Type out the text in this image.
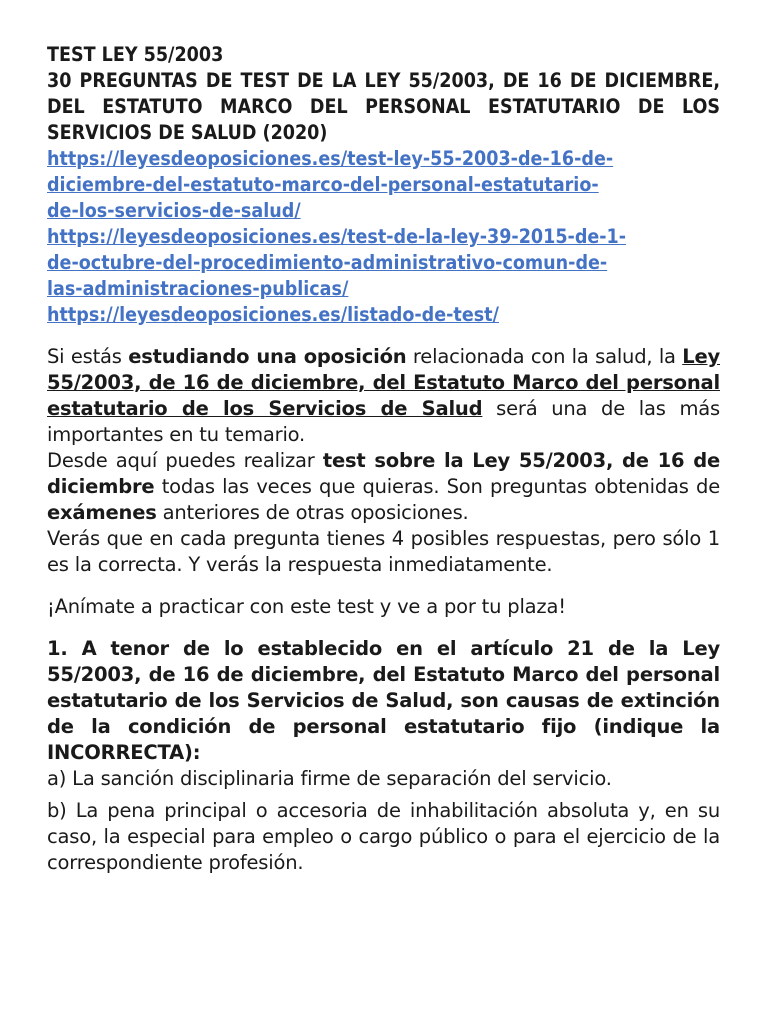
TEST LEY 55/2003
30 PREGUNTAS DE TEST DE LA LEY 55/2003, DE 16 DE DICIEMBRE, DEL ESTATUTO MARCO DEL PERSONAL ESTATUTARIO DE LOS SERVICIOS DE SALUD (2020)
https://leyesdeoposiciones.es/test-ley-55-2003-de-16-de-
diciembre-del-estatuto-marco-del-personal-estatutario-
de-los-servicios-de-salud/
https://leyesdeoposiciones.es/test-de-la-ley-39-2015-de-1-
de-octubre-del-procedimiento-administrativo-comun-de-
las-administraciones-publicas/
https://leyesdeoposiciones.es/listado-de-test/

Si estás estudiando una oposición relacionada con la salud, la Ley 55/2003, de 16 de diciembre, del Estatuto Marco del personal estatutario de los Servicios de Salud será una de las más importantes en tu temario.

Desde aquí puedes realizar test sobre la Ley 55/2003, de 16 de diciembre todas las veces que quieras. Son preguntas obtenidas de exámenes anteriores de otras oposiciones.

Verás que en cada pregunta tienes 4 posibles respuestas, pero sólo 1 es la correcta. Y verás la respuesta inmediatamente.

¡Anímate a practicar con este test y ve a por tu plaza!

1. A tenor de lo establecido en el artículo 21 de la Ley 55/2003, de 16 de diciembre, del Estatuto Marco del personal estatutario de los Servicios de Salud, son causas de extinción de la condición de personal estatutario fijo (indique la INCORRECTA):

a) La sanción disciplinaria firme de separación del servicio.

b) La pena principal o accesoria de inhabilitación absoluta y, en su caso, la especial para empleo o cargo público o para el ejercicio de la correspondiente profesión.
